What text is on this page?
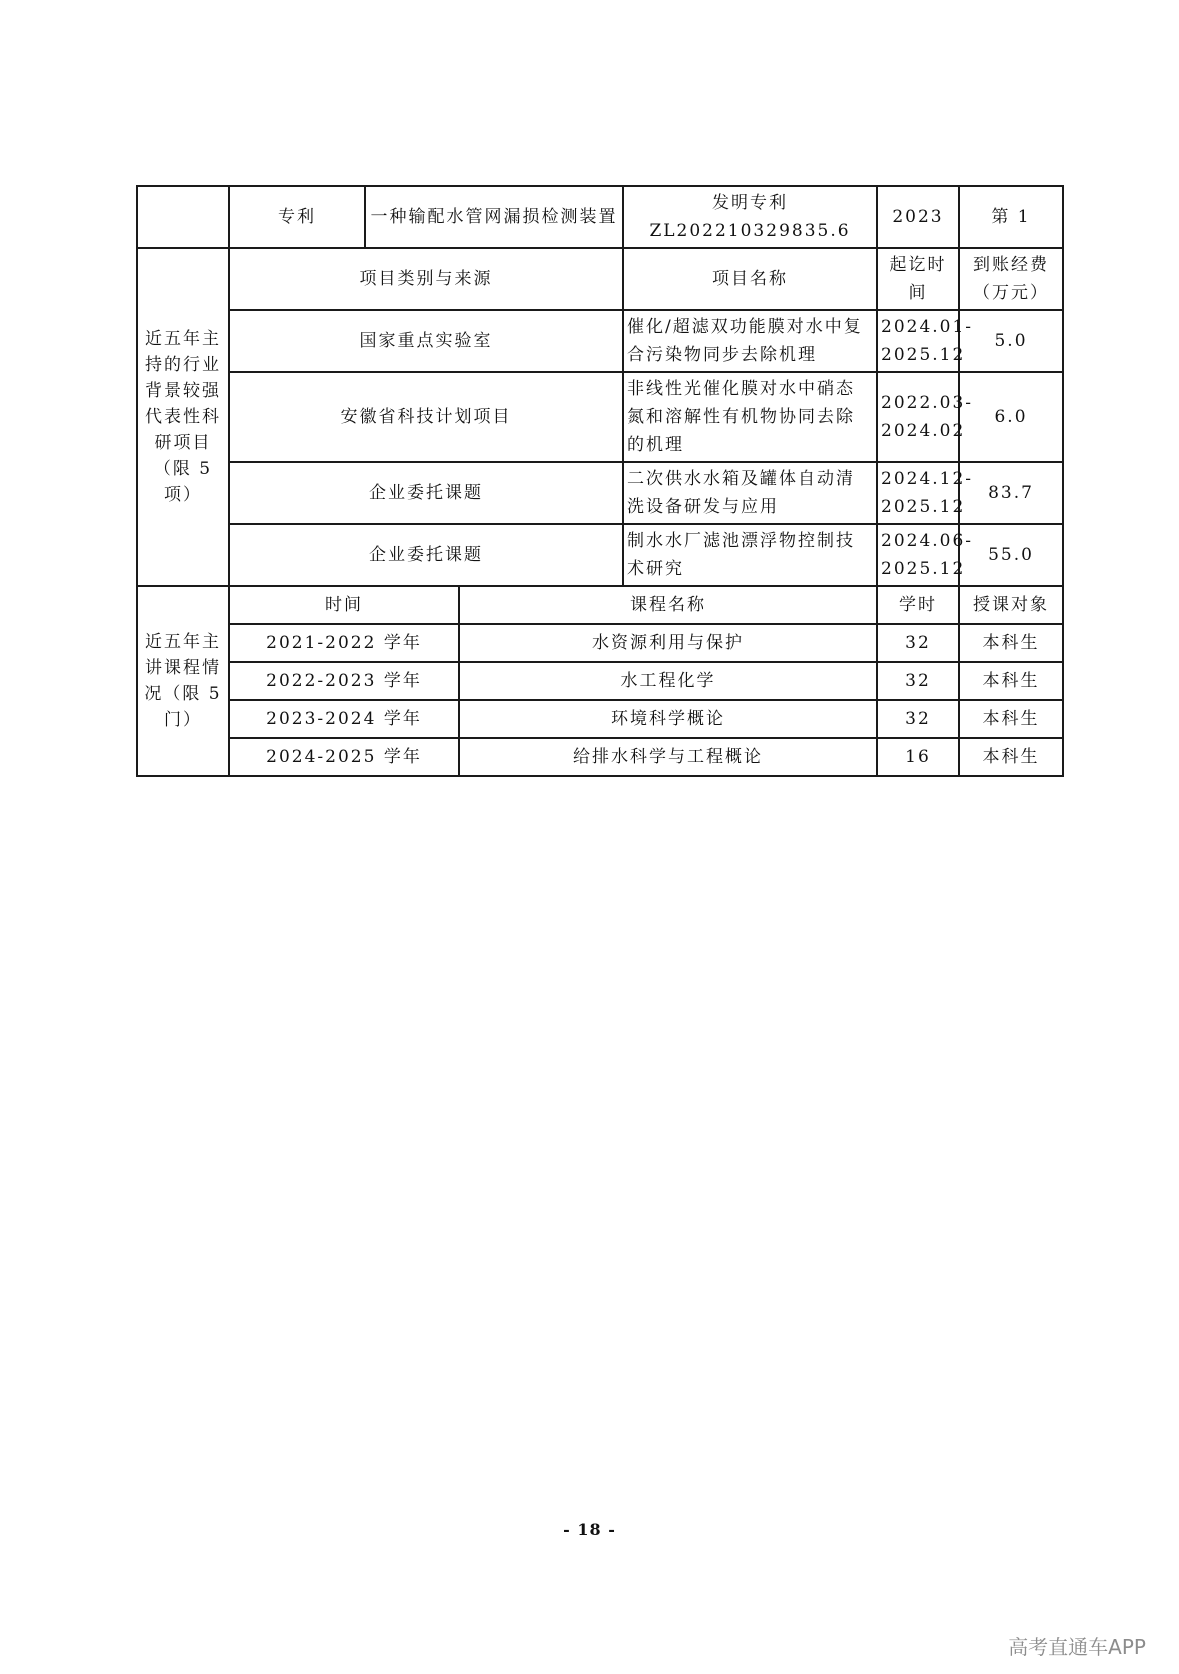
	专利	一种输配水管网漏损检测装置		发明专利 ZL202210329835.6	2023	第 1
近五年主持的行业背景较强代表性科研项目（限 5 项）	项目类别与来源			项目名称	起讫时间	到账经费（万元）
	国家重点实验室			催化/超滤双功能膜对水中复合污染物同步去除机理	2024.01-2025.12	5.0
	安徽省科技计划项目			非线性光催化膜对水中硝态氮和溶解性有机物协同去除的机理	2022.03-2024.02	6.0
	企业委托课题			二次供水水箱及罐体自动清洗设备研发与应用	2024.12-2025.12	83.7
	企业委托课题			制水水厂滤池漂浮物控制技术研究	2024.06-2025.12	55.0
近五年主讲课程情况（限 5 门）	时间		课程名称		学时	授课对象
	2021-2022 学年		水资源利用与保护		32	本科生
	2022-2023 学年		水工程化学		32	本科生
	2023-2024 学年		环境科学概论		32	本科生
	2024-2025 学年		给排水科学与工程概论		16	本科生
- 18 -
高考直通车APP
